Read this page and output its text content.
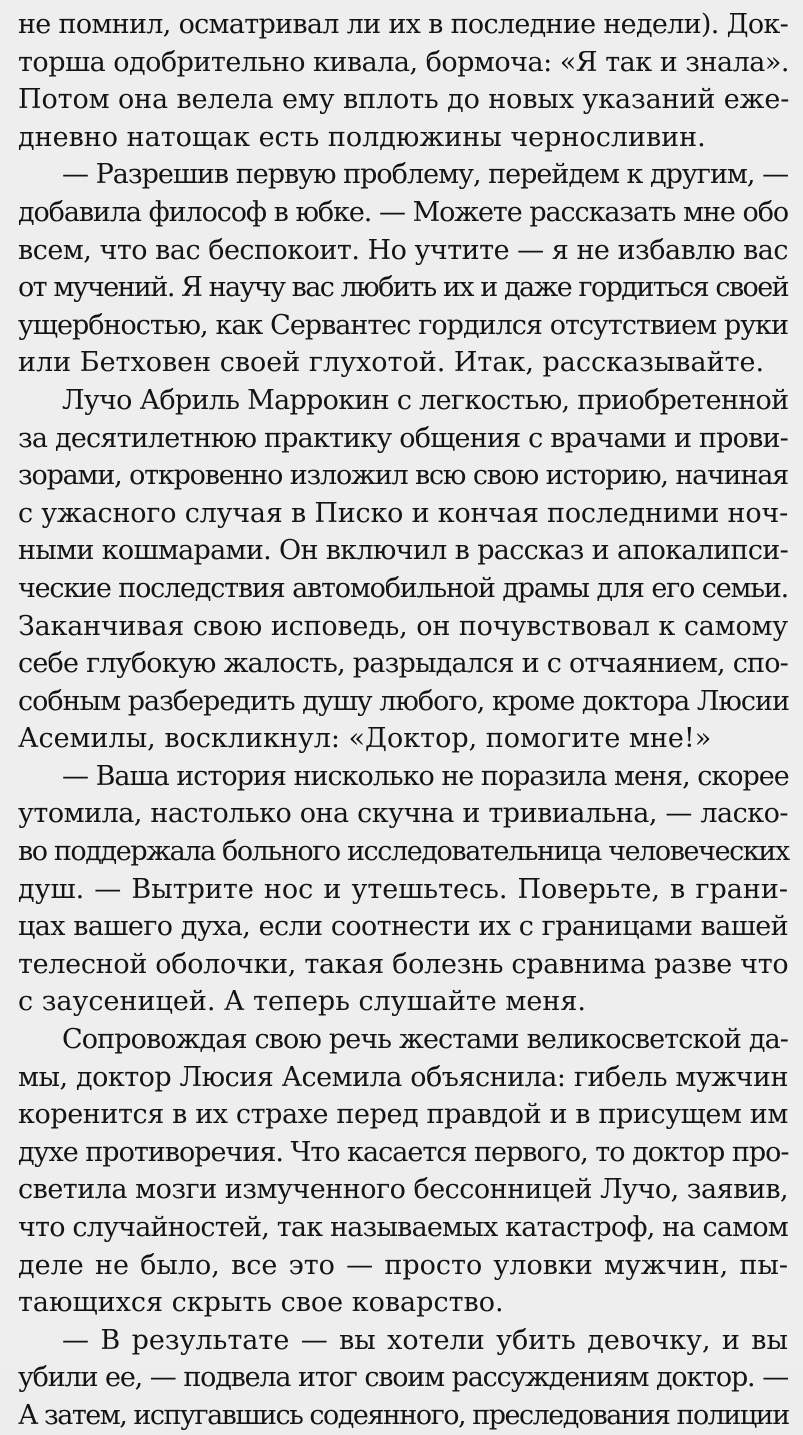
не помнил, осматривал ли их в последние недели). Док-
торша одобрительно кивала, бормоча: «Я так и знала».
Потом она велела ему вплоть до новых указаний еже-
дневно натощак есть полдюжины черносливин.
— Разрешив первую проблему, перейдем к другим, —
добавила философ в юбке. — Можете рассказать мне обо
всем, что вас беспокоит. Но учтите — я не избавлю вас
от мучений. Я научу вас любить их и даже гордиться своей
ущербностью, как Сервантес гордился отсутствием руки
или Бетховен своей глухотой. Итак, рассказывайте.
Лучо Абриль Маррокин с легкостью, приобретенной
за десятилетнюю практику общения с врачами и прови-
зорами, откровенно изложил всю свою историю, начиная
с ужасного случая в Писко и кончая последними ноч-
ными кошмарами. Он включил в рассказ и апокалипси-
ческие последствия автомобильной драмы для его семьи.
Заканчивая свою исповедь, он почувствовал к самому
себе глубокую жалость, разрыдался и с отчаянием, спо-
собным разбередить душу любого, кроме доктора Люсии
Асемилы, воскликнул: «Доктор, помогите мне!»
— Ваша история нисколько не поразила меня, скорее
утомила, настолько она скучна и тривиальна, — ласко-
во поддержала больного исследовательница человеческих
душ. — Вытрите нос и утешьтесь. Поверьте, в грани-
цах вашего духа, если соотнести их с границами вашей
телесной оболочки, такая болезнь сравнима разве что
с заусеницей. А теперь слушайте меня.
Сопровождая свою речь жестами великосветской да-
мы, доктор Люсия Асемила объяснила: гибель мужчин
коренится в их страхе перед правдой и в присущем им
духе противоречия. Что касается первого, то доктор про-
светила мозги измученного бессонницей Лучо, заявив,
что случайностей, так называемых катастроф, на самом
деле не было, все это — просто уловки мужчин, пы-
тающихся скрыть свое коварство.
— В результате — вы хотели убить девочку, и вы
убили ее, — подвела итог своим рассуждениям доктор. —
А затем, испугавшись содеянного, преследования полиции
